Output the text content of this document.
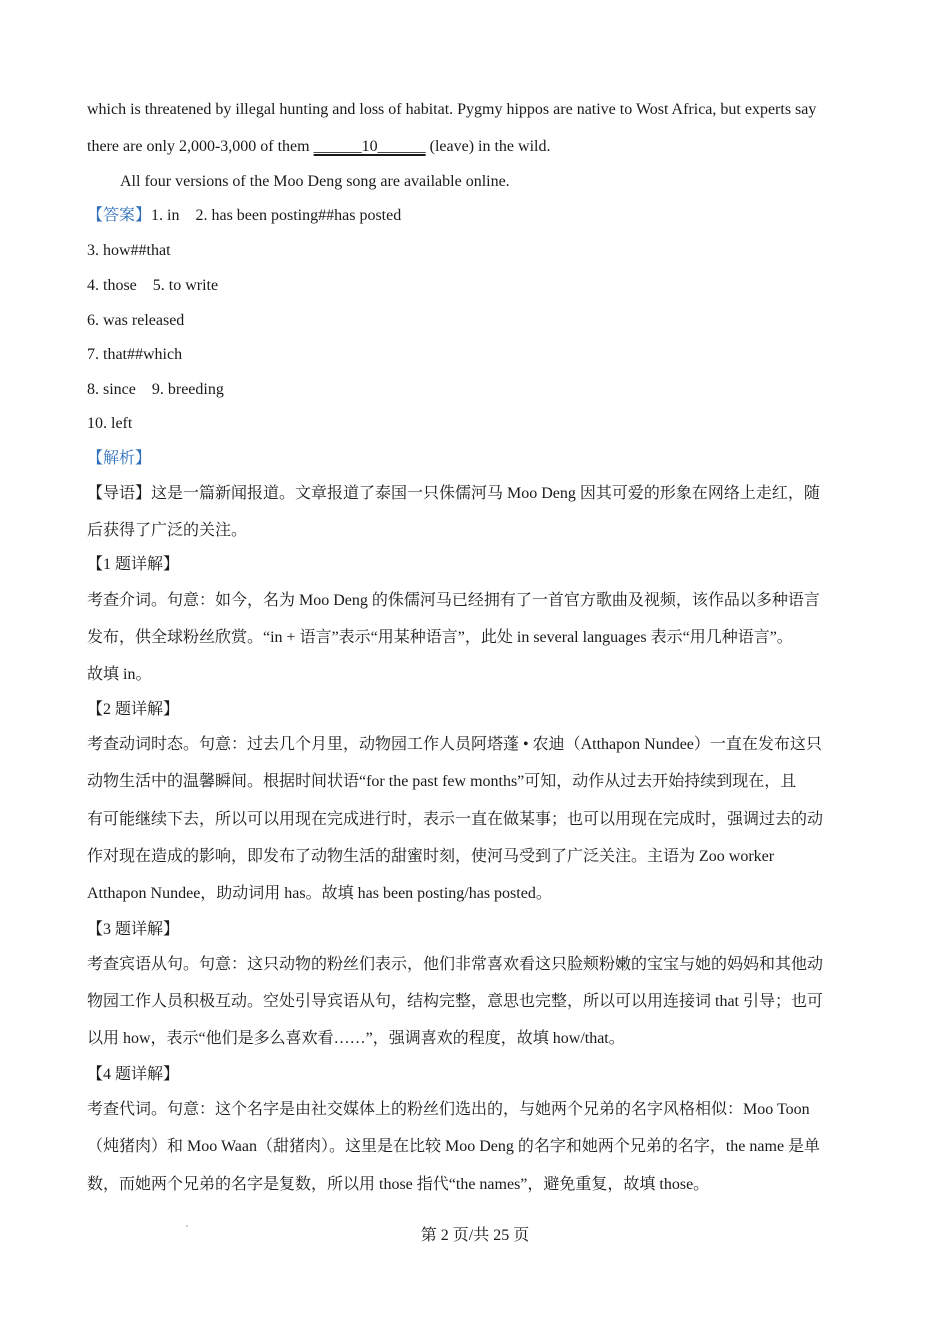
which is threatened by illegal hunting and loss of habitat. Pygmy hippos are native to Wost Africa, but experts say
there are only 2,000-3,000 of them ______10______ (leave) in the wild.
All four versions of the Moo Deng song are available online.
【答案】1. in    2. has been posting##has posted
3. how##that
4. those    5. to write
6. was released
7. that##which
8. since    9. breeding
10. left
【解析】
【导语】这是一篇新闻报道。文章报道了泰国一只侏儒河马 Moo Deng 因其可爱的形象在网络上走红，随
后获得了广泛的关注。
【1 题详解】
考查介词。句意：如今，名为 Moo Deng 的侏儒河马已经拥有了一首官方歌曲及视频，该作品以多种语言
发布，供全球粉丝欣赏。“in + 语言”表示“用某种语言”，此处 in several languages 表示“用几种语言”。
故填 in。
【2 题详解】
考查动词时态。句意：过去几个月里，动物园工作人员阿塔蓬 • 农迪（Atthapon Nundee）一直在发布这只
动物生活中的温馨瞬间。根据时间状语“for the past few months”可知，动作从过去开始持续到现在，且
有可能继续下去，所以可以用现在完成进行时，表示一直在做某事；也可以用现在完成时，强调过去的动
作对现在造成的影响，即发布了动物生活的甜蜜时刻，使河马受到了广泛关注。主语为 Zoo worker
Atthapon Nundee，助动词用 has。故填 has been posting/has posted。
【3 题详解】
考查宾语从句。句意：这只动物的粉丝们表示，他们非常喜欢看这只脸颊粉嫩的宝宝与她的妈妈和其他动
物园工作人员积极互动。空处引导宾语从句，结构完整，意思也完整，所以可以用连接词 that 引导；也可
以用 how，表示“他们是多么喜欢看……”，强调喜欢的程度，故填 how/that。
【4 题详解】
考查代词。句意：这个名字是由社交媒体上的粉丝们选出的，与她两个兄弟的名字风格相似：Moo Toon
（炖猪肉）和 Moo Waan（甜猪肉）。这里是在比较 Moo Deng 的名字和她两个兄弟的名字，the name 是单
数，而她两个兄弟的名字是复数，所以用 those 指代“the names”，避免重复，故填 those。
第 2 页/共 25 页
